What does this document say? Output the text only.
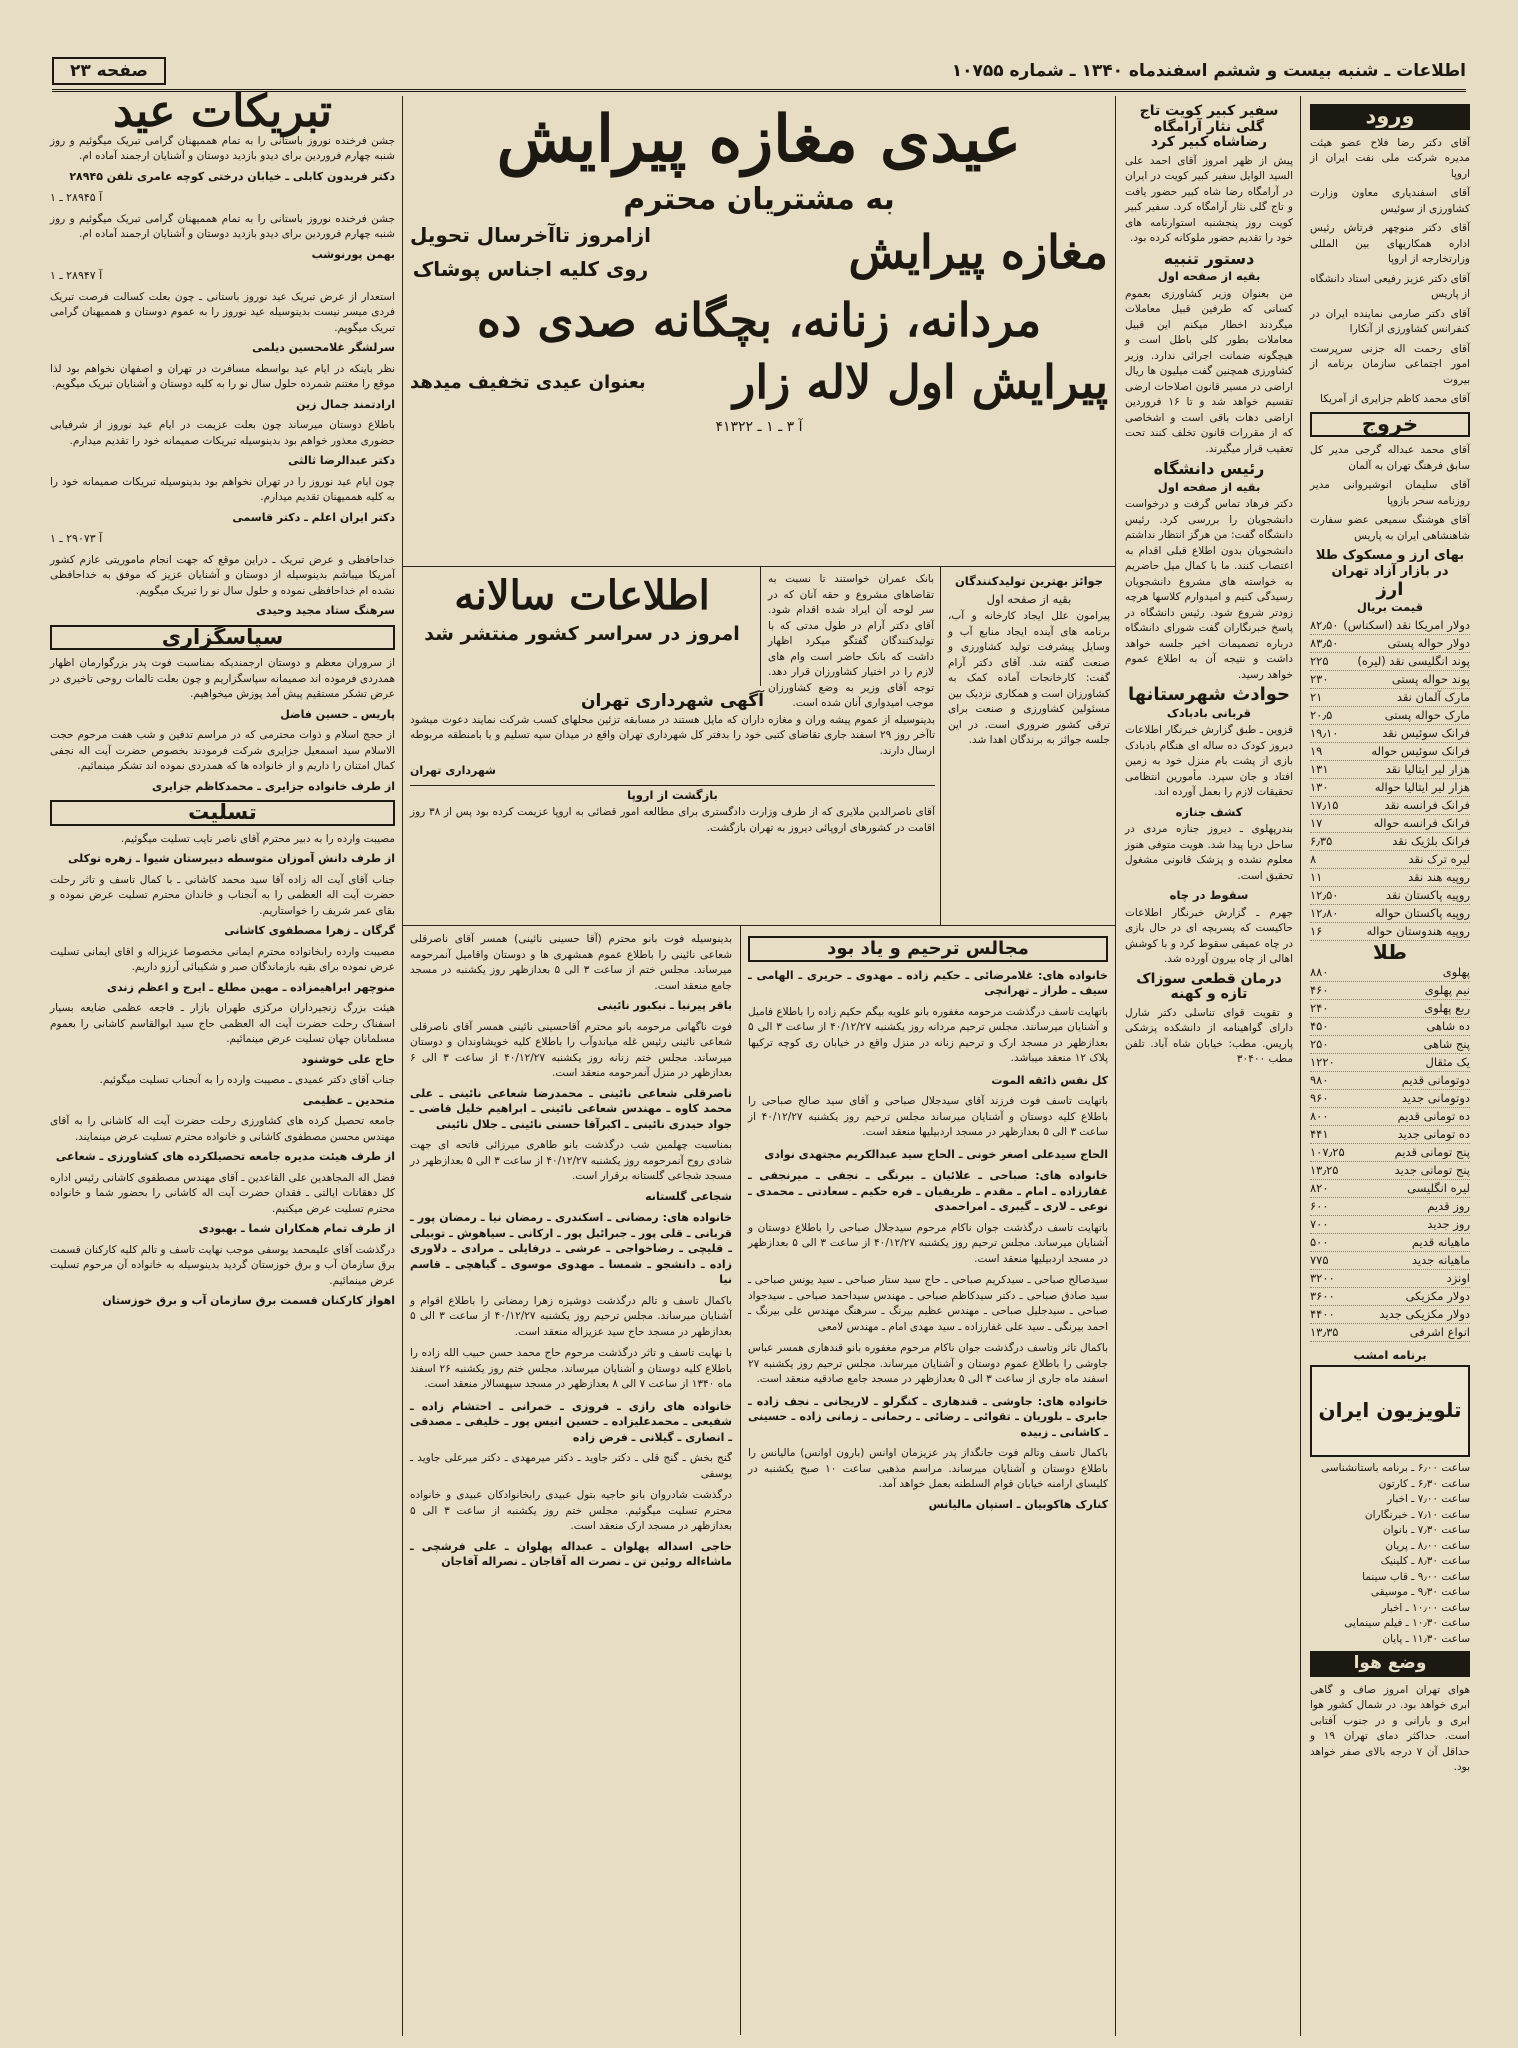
اطلاعات ـ شنبه بیست و ششم اسفندماه ۱۳۴۰ ـ شماره ۱۰۷۵۵
صفحه ۲۳
ورود

آقای دکتر رضا فلاح عضو هیئت مدیره شرکت ملی نفت ایران از اروپا

آقای اسفندیاری معاون وزارت کشاورزی از سوئیس

آقای دکتر منوچهر فرتاش رئیس اداره همکاریهای بین المللی وزارتخارجه از اروپا

آقای دکتر عزیز رفیعی استاد دانشگاه از پاریس

آقای دکتر صارمی نماینده ایران در کنفرانس کشاورزی از آنکارا

آقای رحمت اله جزنی سرپرست امور اجتماعی سازمان برنامه از بیروت

آقای محمد کاظم جزایری از آمریکا

خروج

آقای محمد عبداله گرجی مدیر کل سابق فرهنگ تهران به آلمان

آقای سلیمان انوشیروانی مدیر روزنامه سحر بازوپا

آقای هوشنگ سمیعی عضو سفارت شاهنشاهی ایران به پاریس

بهای ارز و مسکوک طلا در بازار آزاد تهران
ارز
قیمت بریال
دولار امریکا نقد (اسکناس)
۸۲٫۵۰
دولار حواله پستی
۸۳٫۵۰
پوند انگلیسی نقد (لیره)
۲۲۵
پوند حواله پستی
۲۳۰
مارک آلمان نقد
۲۱
مارک حواله پستی
۲۰٫۵
فرانک سوئیس نقد
۱۹٫۱۰
فرانک سوئیس حواله
۱۹
هزار لیر ایتالیا نقد
۱۳۱
هزار لیر ایتالیا حواله
۱۳۰
فرانک فرانسه نقد
۱۷٫۱۵
فرانک فرانسه حواله
۱۷
فرانک بلژیک نقد
۶٫۳۵
لیره ترک نقد
۸
روپیه هند نقد
۱۱
روپیه پاکستان نقد
۱۲٫۵۰
روپیه پاکستان حواله
۱۲٫۸۰
روپیه هندوستان حواله
۱۶
طلا
پهلوی
۸۸۰
نیم پهلوی
۴۶۰
ربع پهلوی
۲۴۰
ده شاهی
۴۵۰
پنج شاهی
۲۵۰
یک مثقال
۱۲۲۰
دوتومانی قدیم
۹۸۰
دوتومانی جدید
۹۶۰
ده تومانی قدیم
۸۰۰
ده تومانی جدید
۴۴۱
پنج تومانی قدیم
۱۰۷٫۲۵
پنج تومانی جدید
۱۳٫۲۵
لیره انگلیسی
۸۲۰
روز قدیم
۶۰۰
روز جدید
۷۰۰
ماهیانه قدیم
۵۰۰
ماهیانه جدید
۷۷۵
اونزد
۳۲۰۰
دولار مکزیکی
۳۶۰۰
دولار مکزیکی جدید
۴۴۰۰
انواع اشرفی
۱۳٫۳۵
برنامه امشب
تلویزیون ایران
ساعت ۶٫۰۰ ـ برنامه باستانشناسی
ساعت ۶٫۳۰ ـ کارتون
ساعت ۷٫۰۰ ـ اخبار
ساعت ۷٫۱۰ ـ خبرنگاران
ساعت ۷٫۳۰ ـ بانوان
ساعت ۸٫۰۰ ـ پریان
ساعت ۸٫۳۰ ـ کلینیک
ساعت ۹٫۰۰ ـ قاب سینما
ساعت ۹٫۳۰ ـ موسیقی
ساعت ۱۰٫۰۰ ـ اخبار
ساعت ۱۰٫۳۰ ـ فیلم سینمایی
ساعت ۱۱٫۳۰ ـ پایان
وضع هوا

هوای تهران امروز صاف و گاهی ابری خواهد بود. در شمال کشور هوا ابری و بارانی و در جنوب آفتابی است. حداکثر دمای تهران ۱۹ و حداقل آن ۷ درجه بالای صفر خواهد بود.

سفیر کبیر کویت تاج گلی نثار آرامگاه رضاشاه کبیر کرد

پیش از ظهر امروز آقای احمد علی السید الوایل سفیر کبیر کویت در ایران در آرامگاه رضا شاه کبیر حضور یافت و تاج گلی نثار آرامگاه کرد. سفیر کبیر کویت روز پنجشنبه استوارنامه های خود را تقدیم حضور ملوکانه کرده بود.

دستور تنبیه
بقیه از صفحه اول

من بعنوان وزیر کشاورزی بعموم کسانی که طرفین قبیل معاملات میگردند اخطار میکنم این قبیل معاملات بطور کلی باطل است و هیچگونه ضمانت اجرائی ندارد. وزیر کشاورزی همچنین گفت میلیون ها ریال اراضی در مسیر قانون اصلاحات ارضی تقسیم خواهد شد و تا ۱۶ فروردین اراضی دهات باقی است و اشخاصی که از مقررات قانون تخلف کنند تحت تعقیب قرار میگیرند.

رئیس دانشگاه
بقیه از صفحه اول

دکتر فرهاد تماس گرفت و درخواست دانشجویان را بررسی کرد. رئیس دانشگاه گفت: من هرگز انتظار نداشتم دانشجویان بدون اطلاع قبلی اقدام به اعتصاب کنند. ما با کمال میل حاضریم به خواسته های مشروع دانشجویان رسیدگی کنیم و امیدوارم کلاسها هرچه زودتر شروع شود. رئیس دانشگاه در پاسخ خبرنگاران گفت شورای دانشگاه درباره تصمیمات اخیر جلسه خواهد داشت و نتیجه آن به اطلاع عموم خواهد رسید.

حوادث شهرستانها
قربانی بادبادک

قزوین ـ طبق گزارش خبرنگار اطلاعات دیروز کودک ده ساله ای هنگام بادبادک بازی از پشت بام منزل خود به زمین افتاد و جان سپرد. مأمورین انتظامی تحقیقات لازم را بعمل آورده اند.

کشف جنازه

بندرپهلوی ـ دیروز جنازه مردی در ساحل دریا پیدا شد. هویت متوفی هنوز معلوم نشده و پزشک قانونی مشغول تحقیق است.

سقوط در چاه

جهرم ـ گزارش خبرنگار اطلاعات حاکیست که پسربچه ای در حال بازی در چاه عمیقی سقوط کرد و با کوشش اهالی از چاه بیرون آورده شد.

درمان قطعی سوزاک تازه و کهنه

و تقویت قوای تناسلی دکتر شارل دارای گواهینامه از دانشکده پزشکی پاریس. مطب: خیابان شاه آباد. تلفن مطب ۳۰۴۰۰

عیدی مغازه پیرایش
به مشتریان محترم
مغازه پیرایش
ازامروز تاآخرسال تحویل
روی کلیه اجناس پوشاک
مردانه، زنانه، بچگانه صدی ده
پیرایش اول لاله زار
بعنوان عیدی تخفیف میدهد
آ ۳ ـ ۱ ـ ۴۱۳۲۲
جوائز بهترین تولیدکنندگان
بقیه از صفحه اول

پیرامون علل ایجاد کارخانه و آب، برنامه های آینده ایجاد منابع آب و وسایل پیشرفت تولید کشاورزی و صنعت گفته شد. آقای دکتر آرام گفت: کارخانجات آماده کمک به کشاورزان است و همکاری نزدیک بین مسئولین کشاورزی و صنعت برای ترقی کشور ضروری است. در این جلسه جوائز به برندگان اهدا شد.

بانک عمران خواستند تا نسبت به تقاضاهای مشروع و حقه آنان که در سر لوحه آن ایراد شده اقدام شود. آقای دکتر آرام در طول مدتی که با تولیدکنندگان گفتگو میکرد اظهار داشت که بانک حاضر است وام های لازم را در اختیار کشاورزان قرار دهد. توجه آقای وزیر به وضع کشاورزان موجب امیدواری آنان شده است.

اطلاعات سالانه
امروز در سراسر کشور منتشر شد
آگهی شهرداری تهران

بدینوسیله از عموم پیشه وران و مغازه داران که مایل هستند در مسابقه تزئین محلهای کسب شرکت نمایند دعوت میشود تاآخر روز ۲۹ اسفند جاری تقاضای کتبی خود را بدفتر کل شهرداری تهران واقع در میدان سپه تسلیم و یا بامنطقه مربوطه ارسال دارند.

شهرداری تهران
بازگشت از اروپا

آقای ناصرالدین ملایری که از طرف وزارت دادگستری برای مطالعه امور قضائی به اروپا عزیمت کرده بود پس از ۳۸ روز اقامت در کشورهای اروپائی دیروز به تهران بازگشت.

تبریکات عید

جشن فرخنده نوروز باستانی را به تمام هممیهنان گرامی تبریک میگوئیم و روز شنبه چهارم فروردین برای دیدو بازدید دوستان و آشنایان ارجمند آماده ام.

دکتر فریدون کابلی ـ خیابان درختی کوچه عامری تلفن ۲۸۹۴۵
آ ۲۸۹۴۵ ـ ۱

جشن فرخنده نوروز باستانی را به تمام هممیهنان گرامی تبریک میگوئیم و روز شنبه چهارم فروردین برای دیدو بازدید دوستان و آشنایان ارجمند آماده ام.

بهمن پورنوشب
آ ۲۸۹۴۷ ـ ۱

استعدار از عرض تبریک عید نوروز باستانی ـ چون بعلت کسالت فرصت تبریک فردی میسر نیست بدینوسیله عید نوروز را به عموم دوستان و هممیهنان گرامی تبریک میگویم.

سرلشگر غلامحسین دیلمی

نظر باینکه در ایام عید بواسطه مسافرت در تهران و اصفهان نخواهم بود لذا موقع را مغتنم شمرده حلول سال نو را به کلیه دوستان و آشنایان تبریک میگویم.

ارادتمند جمال زین

باطلاع دوستان میرساند چون بعلت عزیمت در ایام عید نوروز از شرفیابی حضوری معذور خواهم بود بدینوسیله تبریکات صمیمانه خود را تقدیم میدارم.

دکتر عبدالرضا ثالثی

چون ایام عید نوروز را در تهران نخواهم بود بدینوسیله تبریکات صمیمانه خود را به کلیه هممیهنان تقدیم میدارم.

دکتر ایران اعلم ـ دکتر قاسمی
آ ۲۹۰۷۳ ـ ۱

خداحافظی و عرض تبریک ـ دراین موقع که جهت انجام ماموریتی عازم کشور آمریکا میباشم بدینوسیله از دوستان و آشنایان عزیز که موفق به خداحافظی نشده ام خداحافظی نموده و حلول سال نو را تبریک میگویم.

سرهنگ ستاد مجید وحیدی
سپاسگزاری

از سروران معظم و دوستان ارجمندیکه بمناسبت فوت پدر بزرگوارمان اظهار همدردی فرموده اند صمیمانه سپاسگزاریم و چون بعلت تالمات روحی تاخیری در عرض تشکر مستقیم پیش آمد پوزش میخواهیم.

پاریس ـ حسین فاضل

از حجج اسلام و ذوات محترمی که در مراسم تدفین و شب هفت مرحوم حجت الاسلام سید اسمعیل جزایری شرکت فرمودند بخصوص حضرت آیت اله نجفی کمال امتنان را داریم و از خانواده ها که همدردی نموده اند تشکر مینمائیم.

از طرف خانواده جزایری ـ محمدکاظم جزایری
تسلیت

مصیبت وارده را به دبیر محترم آقای ناصر نایب تسلیت میگوئیم.

از طرف دانش آموزان متوسطه دبیرستان شیوا ـ زهره توکلی

جناب آقای آیت اله زاده آقا سید محمد کاشانی ـ با کمال تاسف و تاثر رحلت حضرت آیت اله العظمی را به آنجناب و خاندان محترم تسلیت عرض نموده و بقای عمر شریف را خواستاریم.

گرگان ـ زهرا مصطفوی کاشانی

مصیبت وارده رابخانواده محترم ایمانی مخصوصا عزیزاله و اقای ایمانی تسلیت عرض نموده برای بقیه بازماندگان صبر و شکیبائی آرزو داریم.

منوچهر ابراهیمزاده ـ مهین مطلع ـ ایرج و اعظم زندی

هیئت بزرگ زنجیرداران مرکزی طهران بازار ـ فاجعه عظمی ضایعه بسیار اسفناک رحلت حضرت آیت اله العظمی حاج سید ابوالقاسم کاشانی را بعموم مسلمانان جهان تسلیت عرض مینمائیم.

حاج علی خوشنود

جناب آقای دکتر عمیدی ـ مصیبت وارده را به آنجناب تسلیت میگوئیم.

متحدین ـ عظیمی

جامعه تحصیل کرده های کشاورزی رحلت حضرت آیت اله کاشانی را به آقای مهندس محسن مصطفوی کاشانی و خانواده محترم تسلیت عرض مینمایند.

از طرف هیئت مدیره جامعه تحصیلکرده های کشاورزی ـ شعاعی

فضل اله المجاهدین علی القاعدین ـ آقای مهندس مصطفوی کاشانی رئیس اداره کل دهقانات ایالتی ـ فقدان حضرت آیت اله کاشانی را بحضور شما و خانواده محترم تسلیت عرض میکنیم.

از طرف تمام همکاران شما ـ بهبودی

درگذشت آقای علیمحمد یوسفی موجب نهایت تاسف و تالم کلیه کارکنان قسمت برق سازمان آب و برق خوزستان گردید بدینوسیله به خانواده آن مرحوم تسلیت عرض مینمائیم.

اهواز کارکنان قسمت برق سازمان آب و برق خوزستان

بدینوسیله فوت بانو محترم (آقا حسینی نائینی) همسر آقای ناصرقلی شعاعی نائینی را باطلاع عموم همشهری ها و دوستان واقامیل آنمرحومه میرساند. مجلس ختم از ساعت ۳ الی ۵ بعدازظهر روز یکشنبه در مسجد جامع منعقد است.

باقر پیرنیا ـ نیکبور نائینی

فوت ناگهانی مرحومه بانو محترم آقاحسینی نائینی همسر آقای ناصرقلی شعاعی نائینی رئیس غله میاندوآب را باطلاع کلیه خویشاوندان و دوستان میرساند. مجلس ختم زنانه روز یکشنبه ۴۰/۱۲/۲۷ از ساعت ۳ الی ۶ بعدازظهر در منزل آنمرحومه منعقد است.

ناصرقلی شعاعی نائینی ـ محمدرضا شعاعی نائینی ـ علی محمد کاوه ـ مهندس شعاعی نائینی ـ ابراهیم خلیل قاضی ـ جواد حیدری نائینی ـ اکبرآقا حسنی نائینی ـ جلال نائینی

بمناسبت چهلمین شب درگذشت بانو طاهری میرزائی فاتحه ای جهت شادی روح آنمرحومه روز یکشنبه ۴۰/۱۲/۲۷ از ساعت ۳ الی ۵ بعدازظهر در مسجد شجاعی گلستانه برقرار است.

شجاعی گلستانه
خانواده های: رمضانی ـ اسکندری ـ رمضان نیا ـ رمضان پور ـ قربانی ـ قلی پور ـ جبرائیل پور ـ ارکانی ـ سیاهوش ـ توبیلی ـ قلیچی ـ رضاخواجی ـ عرشی ـ درفایلی ـ مرادی ـ دلاوری زاده ـ دانشجو ـ شمسا ـ مهدوی موسوی ـ گیاهچی ـ قاسم نیا

باکمال تاسف و تالم درگذشت دوشیزه زهرا رمضانی را باطلاع اقوام و آشنایان میرساند. مجلس ترحیم روز یکشنبه ۴۰/۱۲/۲۷ از ساعت ۳ الی ۵ بعدازظهر در مسجد حاج سید عزیزاله منعقد است.

با نهایت تاسف و تاثر درگذشت مرحوم حاج محمد حسن حبیب الله زاده را باطلاع کلیه دوستان و آشنایان میرساند. مجلس ختم روز یکشنبه ۲۶ اسفند ماه ۱۳۴۰ از ساعت ۷ الی ۸ بعدازظهر در مسجد سپهسالار منعقد است.

خانواده های رازی ـ فروزی ـ خمرانی ـ احتشام زاده ـ شفیعی ـ محمدعلیزاده ـ حسین انیس پور ـ خلیفی ـ مصدقی ـ انصاری ـ گیلانی ـ فرض زاده

گنج بخش ـ گنج قلی ـ دکتر جاوید ـ دکتر میرمهدی ـ دکتر میرعلی جاوید ـ یوسفی

درگذشت شادروان بانو حاجیه بتول عبیدی رابخانوادکان عبیدی و خانواده محترم تسلیت میگوئیم. مجلس ختم روز یکشنبه از ساعت ۳ الی ۵ بعدازظهر در مسجد ارک منعقد است.

حاجی اسداله پهلوان ـ عبداله پهلوان ـ علی فرشچی ـ ماشاءاله روئین تن ـ نصرت اله آقاجان ـ نصراله آقاجان
مجالس ترحیم و یاد بود
خانواده های: غلامرضائی ـ حکیم زاده ـ مهدوی ـ حریری ـ الهامی ـ سیف ـ طراز ـ تهرانچی

باتهایت تاسف درگذشت مرحومه مغفوره بانو علویه بیگم حکیم زاده را باطلاع فامیل و آشنایان میرسانند. مجلس ترحیم مردانه روز یکشنبه ۴۰/۱۲/۲۷ از ساعت ۳ الی ۵ بعدازظهر در مسجد ارک و ترحیم زنانه در منزل واقع در خیابان ری کوچه ترکیها پلاک ۱۲ منعقد میباشد.

کل نفس ذائقه الموت

باتهایت تاسف فوت فرزند آقای سیدجلال صباحی و آقای سید صالح صباحی را باطلاع کلیه دوستان و آشنایان میرساند مجلس ترحیم روز یکشنبه ۴۰/۱۲/۲۷ از ساعت ۳ الی ۵ بعدازظهر در مسجد اردبیلیها منعقد است.

الحاج سیدعلی اصغر خونی ـ الحاج سید عبدالکریم مجتهدی نوادی
خانواده های: صباحی ـ علائیان ـ بیرنگی ـ نجفی ـ میرنجفی ـ غفارزاده ـ امام ـ مقدم ـ ظریفیان ـ فره حکیم ـ سعادتی ـ محمدی ـ نوعی ـ لاری ـ گیبری ـ امراحمدی

باتهایت تاسف درگذشت جوان ناکام مرحوم سیدجلال صباحی را باطلاع دوستان و آشنایان میرساند. مجلس ترحیم روز یکشنبه ۴۰/۱۲/۲۷ از ساعت ۳ الی ۵ بعدازظهر در مسجد اردبیلیها منعقد است.

سیدصالح صباحی ـ سیدکریم صباحی ـ حاج سید ستار صباحی ـ سید یونس صباحی ـ سید صادق صباحی ـ دکتر سیدکاظم صباحی ـ مهندس سیداحمد صباحی ـ سیدجواد صباحی ـ سیدجلیل صباحی ـ مهندس عظیم بیرنگ ـ سرهنگ مهندس علی بیرنگ ـ احمد بیرنگی ـ سید علی غفارزاده ـ سید مهدی امام ـ مهندس لامعی

باکمال تاثر وتاسف درگذشت جوان ناکام مرحوم مغفوره بانو قندهاری همسر عباس جاوشی را باطلاع عموم دوستان و آشنایان میرساند. مجلس ترحیم روز یکشنبه ۲۷ اسفند ماه جاری از ساعت ۳ الی ۵ بعدازظهر در مسجد جامع صادقیه منعقد است.

خانواده های: جاوشی ـ قندهاری ـ کنگرلو ـ لاریجانی ـ نجف زاده ـ جابری ـ بلوریان ـ تقوائی ـ رضائی ـ رحمانی ـ زمانی زاده ـ حسینی ـ کاشانی ـ زبیده

باکمال تاسف وتالم فوت جانگداز پدر عزیزمان اوانس (بارون اوانس) مالیانس را باطلاع دوستان و آشنایان میرساند. مراسم مذهبی ساعت ۱۰ صبح یکشنبه در کلیسای ارامنه خیابان قوام السلطنه بعمل خواهد آمد.

کنارک هاکوبیان ـ استپان مالیانس
